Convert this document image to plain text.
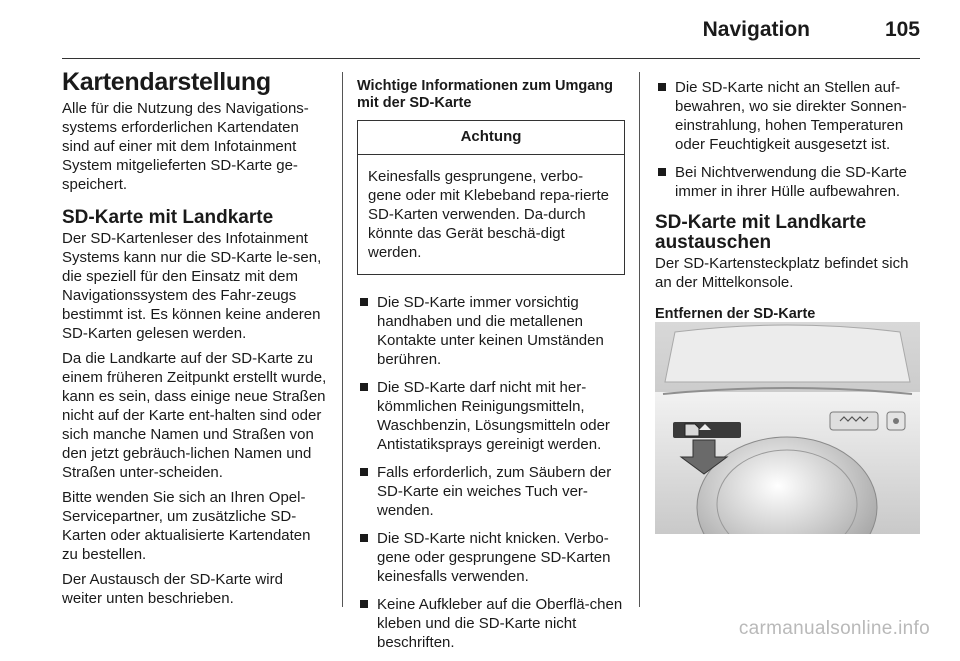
Navigation	105
Kartendarstellung

Alle für die Nutzung des Navigations-systems erforderlichen Kartendaten sind auf einer mit dem Infotainment System mitgelieferten SD-Karte ge-speichert.

SD-Karte mit Landkarte

Der SD-Kartenleser des Infotainment Systems kann nur die SD-Karte le-sen, die speziell für den Einsatz mit dem Navigationssystem des Fahr-zeugs bestimmt ist. Es können keine anderen SD-Karten gelesen werden.

Da die Landkarte auf der SD-Karte zu einem früheren Zeitpunkt erstellt wurde, kann es sein, dass einige neue Straßen nicht auf der Karte ent-halten sind oder sich manche Namen und Straßen von den jetzt gebräuch-lichen Namen und Straßen unter-scheiden.

Bitte wenden Sie sich an Ihren Opel-Servicepartner, um zusätzliche SD-Karten oder aktualisierte Kartendaten zu bestellen.

Der Austausch der SD-Karte wird weiter unten beschrieben.

Wichtige Informationen zum Umgang mit der SD-Karte
Achtung
Keinesfalls gesprungene, verbo-gene oder mit Klebeband repa-rierte SD-Karten verwenden. Da-durch könnte das Gerät beschä-digt werden.
Die SD-Karte immer vorsichtig handhaben und die metallenen Kontakte unter keinen Umständen berühren.
Die SD-Karte darf nicht mit her-kömmlichen Reinigungsmitteln, Waschbenzin, Lösungsmitteln oder Antistatiksprays gereinigt werden.
Falls erforderlich, zum Säubern der SD-Karte ein weiches Tuch ver-wenden.
Die SD-Karte nicht knicken. Verbo-gene oder gesprungene SD-Karten keinesfalls verwenden.
Keine Aufkleber auf die Oberflä-chen kleben und die SD-Karte nicht beschriften.
Die SD-Karte nicht an Stellen auf-bewahren, wo sie direkter Sonnen-einstrahlung, hohen Temperaturen oder Feuchtigkeit ausgesetzt ist.
Bei Nichtverwendung die SD-Karte immer in ihrer Hülle aufbewahren.
SD-Karte mit Landkarte austauschen

Der SD-Kartensteckplatz befindet sich an der Mittelkonsole.

Entfernen der SD-Karte
carmanualsonline.info
